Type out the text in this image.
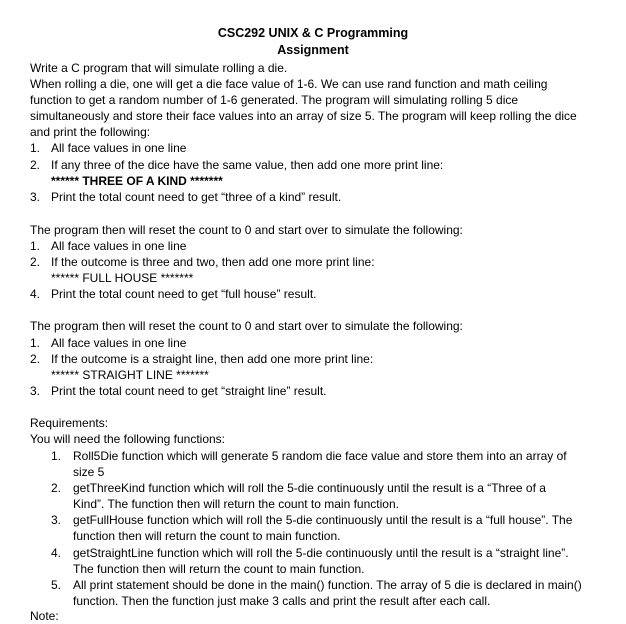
CSC292 UNIX & C Programming
Assignment
Write a C program that will simulate rolling a die.
When rolling a die, one will get a die face value of 1-6. We can use rand function and math ceiling
function to get a random number of 1-6 generated. The program will simulating rolling 5 dice
simultaneously and store their face values into an array of size 5. The program will keep rolling the dice
and print the following:
1. All face values in one line
2. If any three of the dice have the same value, then add one more print line:
****** THREE OF A KIND *******
3. Print the total count need to get “three of a kind” result.
The program then will reset the count to 0 and start over to simulate the following:
1. All face values in one line
2. If the outcome is three and two, then add one more print line:
****** FULL HOUSE *******
4. Print the total count need to get “full house” result.
The program then will reset the count to 0 and start over to simulate the following:
1. All face values in one line
2. If the outcome is a straight line, then add one more print line:
****** STRAIGHT LINE *******
3. Print the total count need to get “straight line” result.
Requirements:
You will need the following functions:
1. Roll5Die function which will generate 5 random die face value and store them into an array of
size 5
2. getThreeKind function which will roll the 5-die continuously until the result is a “Three of a
Kind”. The function then will return the count to main function.
3. getFullHouse function which will roll the 5-die continuously until the result is a “full house”. The
function then will return the count to main function.
4. getStraightLine function which will roll the 5-die continuously until the result is a “straight line”.
The function then will return the count to main function.
5. All print statement should be done in the main() function. The array of 5 die is declared in main()
function. Then the function just make 3 calls and print the result after each call.
Note:
